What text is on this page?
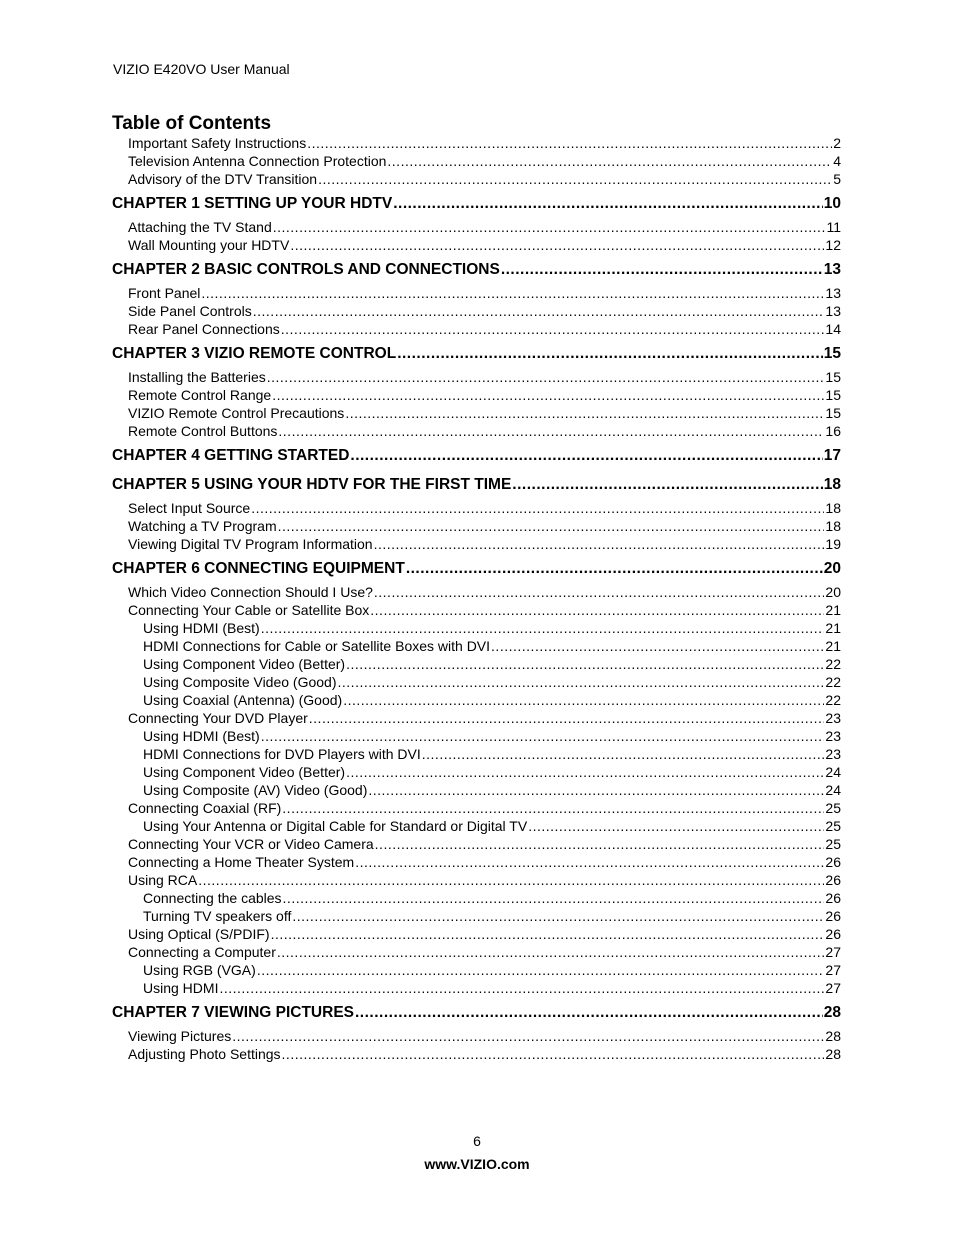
VIZIO E420VO User Manual
Table of Contents
Important Safety Instructions .....	2
Television Antenna Connection Protection .....	4
Advisory of the DTV Transition .....	5
CHAPTER 1 SETTING UP YOUR HDTV .....	10
Attaching the TV Stand .....	11
Wall Mounting your HDTV .....	12
CHAPTER 2 BASIC CONTROLS AND CONNECTIONS .....	13
Front Panel .....	13
Side Panel Controls .....	13
Rear Panel Connections .....	14
CHAPTER 3 VIZIO REMOTE CONTROL .....	15
Installing the Batteries .....	15
Remote Control Range .....	15
VIZIO Remote Control Precautions .....	15
Remote Control Buttons .....	16
CHAPTER 4 GETTING STARTED .....	17
CHAPTER 5 USING YOUR HDTV FOR THE FIRST TIME .....	18
Select Input Source .....	18
Watching a TV Program .....	18
Viewing Digital TV Program Information .....	19
CHAPTER 6 CONNECTING EQUIPMENT .....	20
Which Video Connection Should I Use? .....	20
Connecting Your Cable or Satellite Box .....	21
Using HDMI (Best) .....	21
HDMI Connections for Cable or Satellite Boxes with DVI .....	21
Using Component Video (Better) .....	22
Using Composite Video (Good) .....	22
Using Coaxial (Antenna) (Good) .....	22
Connecting Your DVD Player .....	23
Using HDMI (Best) .....	23
HDMI Connections for DVD Players with DVI .....	23
Using Component Video (Better) .....	24
Using Composite (AV) Video (Good) .....	24
Connecting Coaxial (RF) .....	25
Using Your Antenna or Digital Cable for Standard or Digital TV .....	25
Connecting Your VCR or Video Camera .....	25
Connecting a Home Theater System .....	26
Using RCA .....	26
Connecting the cables .....	26
Turning TV speakers off .....	26
Using Optical (S/PDIF) .....	26
Connecting a Computer .....	27
Using RGB (VGA) .....	27
Using HDMI .....	27
CHAPTER 7 VIEWING PICTURES .....	28
Viewing Pictures .....	28
Adjusting Photo Settings .....	28
6
www.VIZIO.com
